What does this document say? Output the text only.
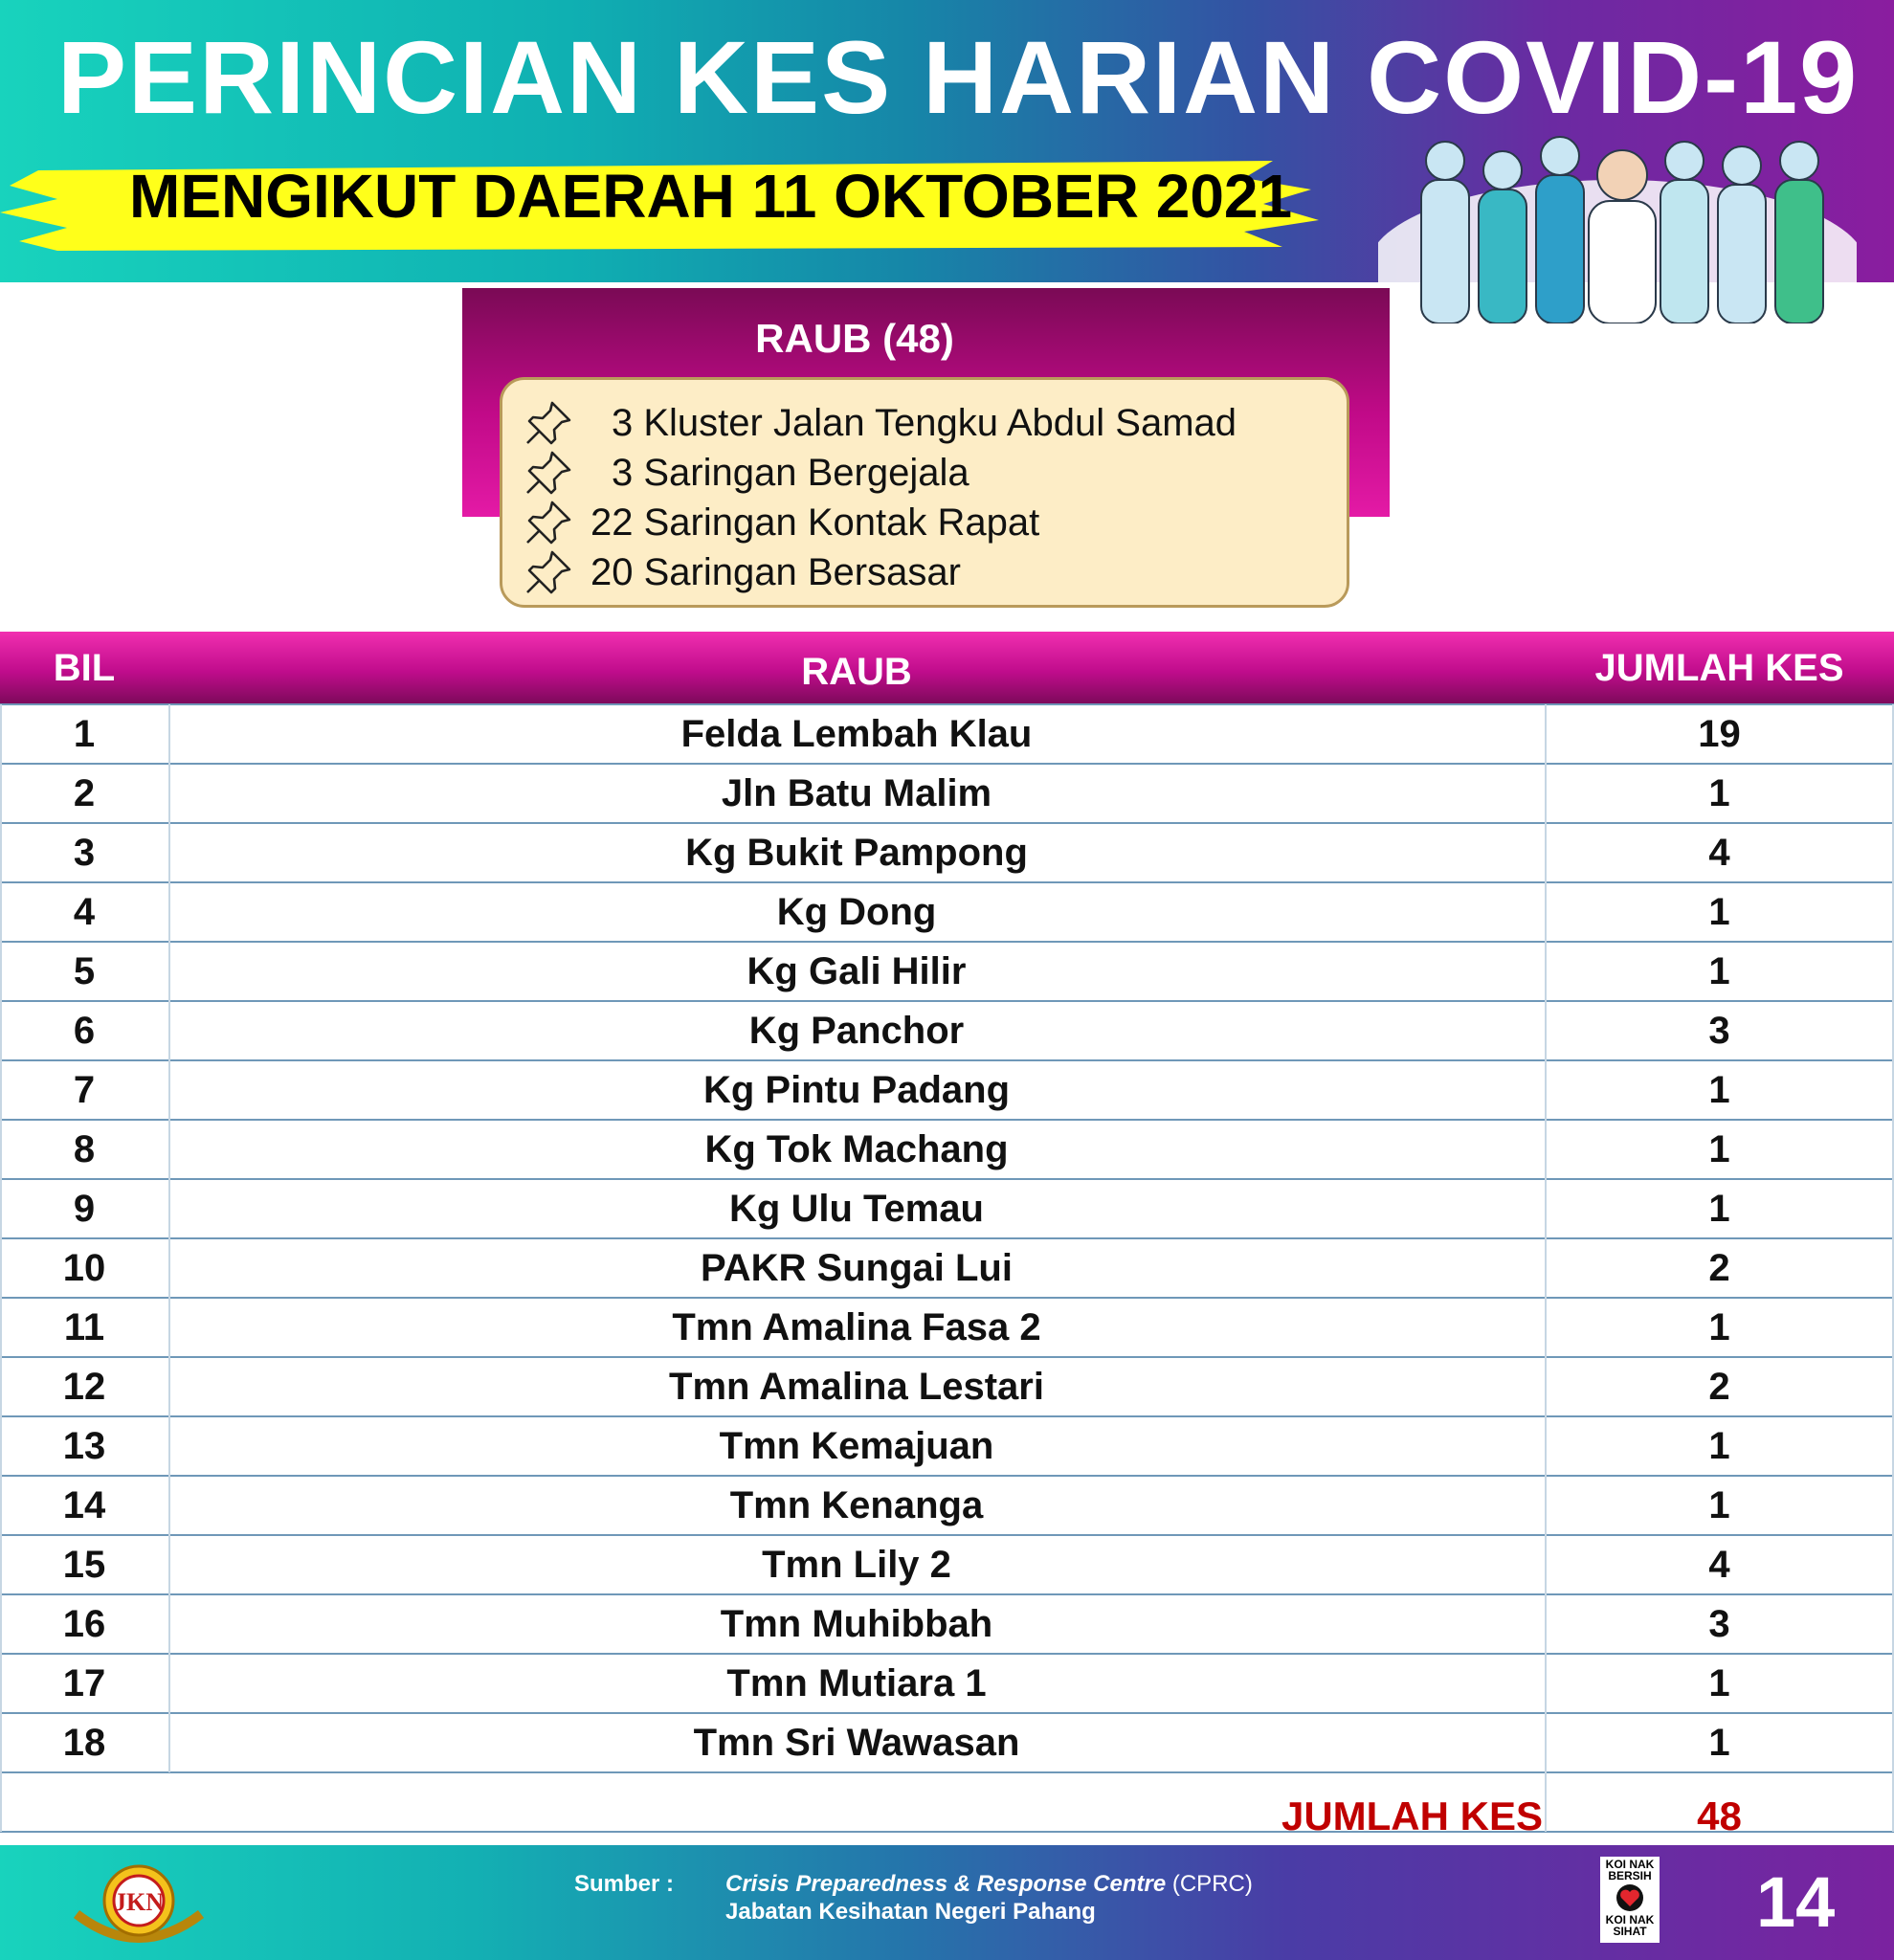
PERINCIAN KES HARIAN COVID-19
MENGIKUT DAERAH 11 OKTOBER 2021
RAUB (48)
3 Kluster Jalan Tengku Abdul Samad
3 Saringan Bergejala
22 Saringan Kontak Rapat
20 Saringan Bersasar
BIL	RAUB	JUMLAH KES
1	Felda Lembah Klau	19
2	Jln Batu Malim	1
3	Kg Bukit Pampong	4
4	Kg Dong	1
5	Kg Gali Hilir	1
6	Kg Panchor	3
7	Kg Pintu Padang	1
8	Kg Tok Machang	1
9	Kg Ulu Temau	1
10	PAKR Sungai Lui	2
11	Tmn Amalina Fasa 2	1
12	Tmn Amalina Lestari	2
13	Tmn Kemajuan	1
14	Tmn Kenanga	1
15	Tmn Lily 2	4
16	Tmn Muhibbah	3
17	Tmn Mutiara 1	1
18	Tmn Sri Wawasan	1
JUMLAH KES	48
JKN
Sumber : Crisis Preparedness & Response Centre (CPRC)
Jabatan Kesihatan Negeri Pahang
KOI NAK BERSIH
KOI NAK SIHAT 14
